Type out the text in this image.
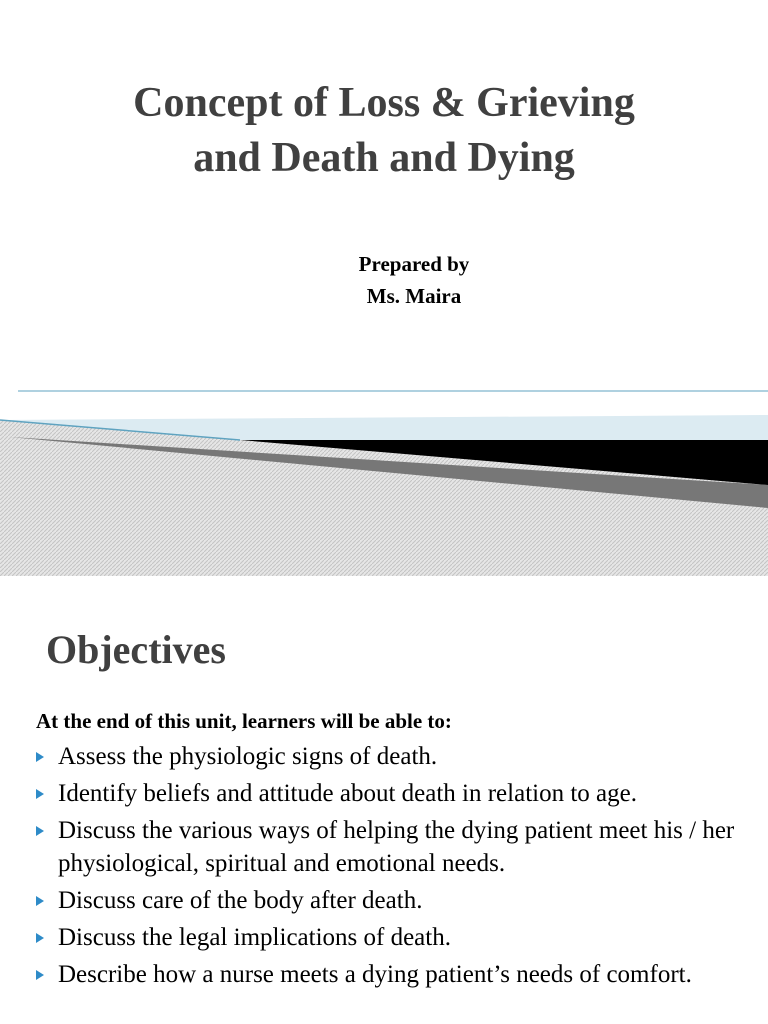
Concept of Loss & Grieving
and Death and Dying
Prepared by
Ms. Maira
Objectives
At the end of this unit, learners will be able to:
Assess the physiologic signs of death.
Identify beliefs and attitude about death in relation to age.
Discuss the various ways of helping the dying patient meet his / her physiological, spiritual and emotional needs.
Discuss care of the body after death.
Discuss the legal implications of death.
Describe how a nurse meets a dying patient’s needs of comfort.
